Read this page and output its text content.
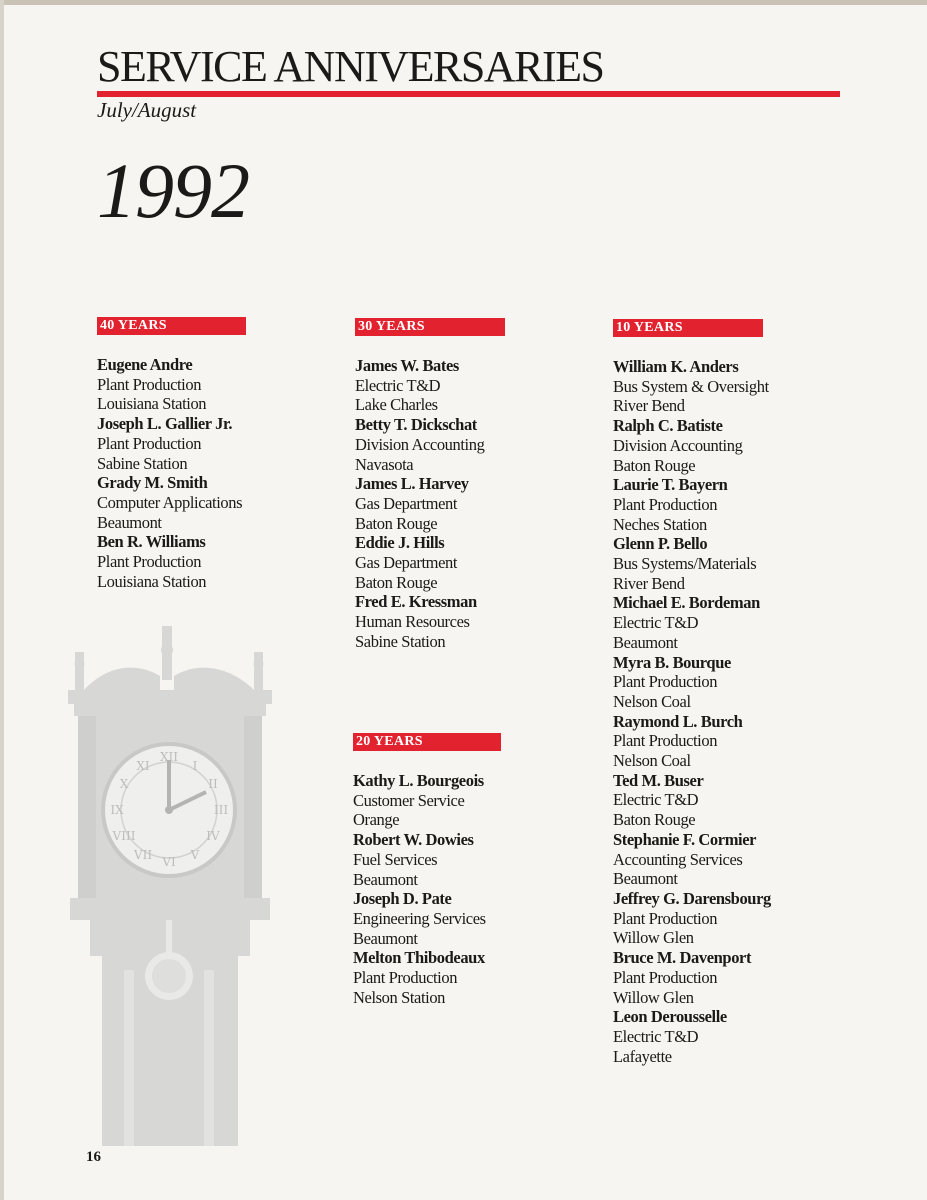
SERVICE ANNIVERSARIES
July/August
1992
40 YEARS
Eugene Andre
Plant Production
Louisiana Station
Joseph L. Gallier Jr.
Plant Production
Sabine Station
Grady M. Smith
Computer Applications
Beaumont
Ben R. Williams
Plant Production
Louisiana Station
30 YEARS
James W. Bates
Electric T&D
Lake Charles
Betty T. Dickschat
Division Accounting
Navasota
James L. Harvey
Gas Department
Baton Rouge
Eddie J. Hills
Gas Department
Baton Rouge
Fred E. Kressman
Human Resources
Sabine Station
20 YEARS
Kathy L. Bourgeois
Customer Service
Orange
Robert W. Dowies
Fuel Services
Beaumont
Joseph D. Pate
Engineering Services
Beaumont
Melton Thibodeaux
Plant Production
Nelson Station
10 YEARS
William K. Anders
Bus System & Oversight
River Bend
Ralph C. Batiste
Division Accounting
Baton Rouge
Laurie T. Bayern
Plant Production
Neches Station
Glenn P. Bello
Bus Systems/Materials
River Bend
Michael E. Bordeman
Electric T&D
Beaumont
Myra B. Bourque
Plant Production
Nelson Coal
Raymond L. Burch
Plant Production
Nelson Coal
Ted M. Buser
Electric T&D
Baton Rouge
Stephanie F. Cormier
Accounting Services
Beaumont
Jeffrey G. Darensbourg
Plant Production
Willow Glen
Bruce M. Davenport
Plant Production
Willow Glen
Leon Derousselle
Electric T&D
Lafayette
XII
VI
IX	III
I
II
IV
V
VII
VIII
X
XI
16
